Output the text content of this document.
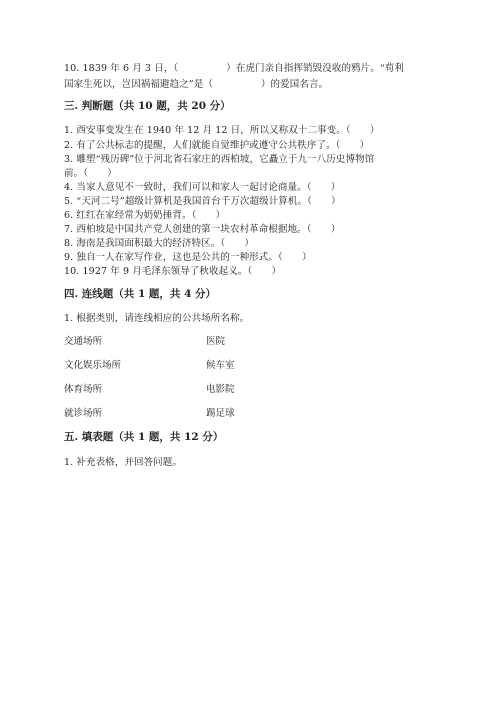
10. 1839 年 6 月 3 日，（　　　　　）在虎门亲自指挥销毁没收的鸦片。“苟利
国家生死以，岂因祸福避趋之”是（　　　　　）的爱国名言。
三. 判断题（共 10 题，共 20 分）
1. 西安事变发生在 1940 年 12 月 12 日，所以又称双十二事变。（　　）
2. 有了公共标志的提醒，人们就能自觉维护或遵守公共秩序了。（　　）
3. 雕塑“残历碑”位于河北省石家庄的西柏坡，它矗立于九一八历史博物馆
前。（　　）
4. 当家人意见不一致时，我们可以和家人一起讨论商量。（　　）
5. “天河二号”超级计算机是我国首台千万次超级计算机。（　　）
6. 红红在家经常为奶奶捶背。（　　）
7. 西柏坡是中国共产党人创建的第一块农村革命根据地。（　　）
8. 海南是我国面积最大的经济特区。（　　）
9. 独自一人在家写作业，这也是公共的一种形式。（　　）
10. 1927 年 9 月毛泽东领导了秋收起义。（　　）
四. 连线题（共 1 题，共 4 分）
1. 根据类别，请连线相应的公共场所名称。
交通场所	医院
文化娱乐场所	候车室
体育场所	电影院
就诊场所	踢足球
五. 填表题（共 1 题，共 12 分）
1. 补充表格，并回答问题。
